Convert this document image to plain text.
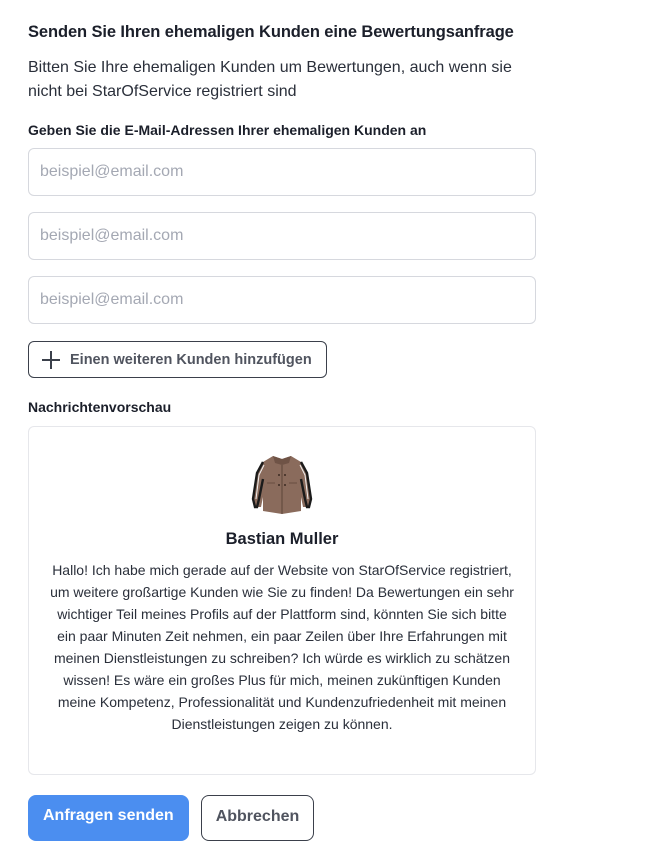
Senden Sie Ihren ehemaligen Kunden eine Bewertungsanfrage

Bitten Sie Ihre ehemaligen Kunden um Bewertungen, auch wenn sie nicht bei StarOfService registriert sind

Geben Sie die E-Mail-Adressen Ihrer ehemaligen Kunden an
beispiel@email.com
beispiel@email.com
beispiel@email.com
Einen weiteren Kunden hinzufügen
Nachrichtenvorschau
Bastian Muller
Hallo! Ich habe mich gerade auf der Website von StarOfService registriert, um weitere großartige Kunden wie Sie zu finden! Da Bewertungen ein sehr wichtiger Teil meines Profils auf der Plattform sind, könnten Sie sich bitte ein paar Minuten Zeit nehmen, ein paar Zeilen über Ihre Erfahrungen mit meinen Dienstleistungen zu schreiben? Ich würde es wirklich zu schätzen wissen! Es wäre ein großes Plus für mich, meinen zukünftigen Kunden meine Kompetenz, Professionalität und Kundenzufriedenheit mit meinen Dienstleistungen zeigen zu können.
Anfragen senden	Abbrechen
